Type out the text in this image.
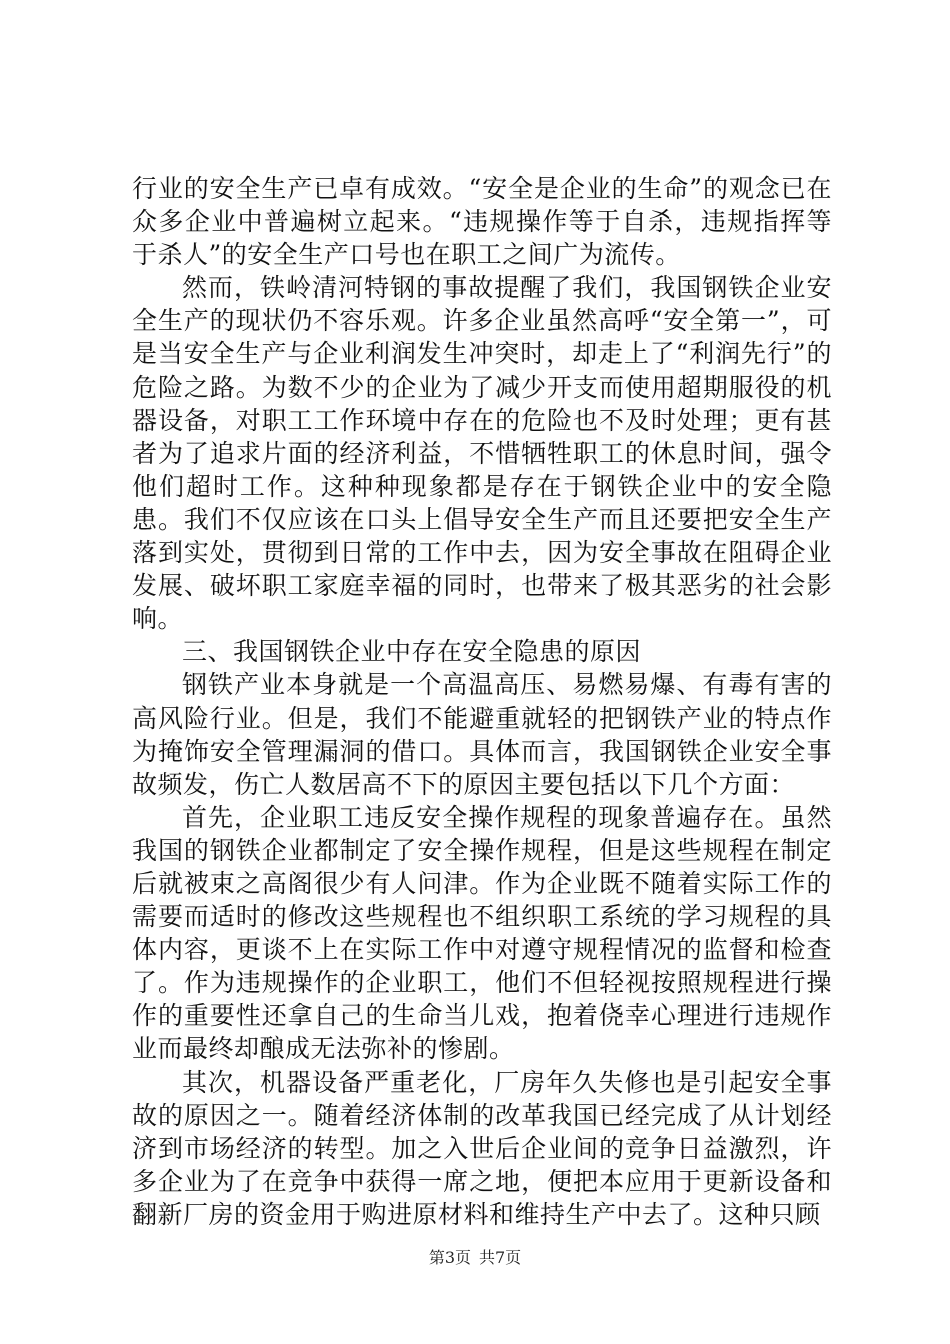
行业的安全生产已卓有成效。“安全是企业的生命”的观念已在众多企业中普遍树立起来。“违规操作等于自杀，违规指挥等于杀人”的安全生产口号也在职工之间广为流传。

然而，铁岭清河特钢的事故提醒了我们，我国钢铁企业安全生产的现状仍不容乐观。许多企业虽然高呼“安全第一”，可是当安全生产与企业利润发生冲突时，却走上了“利润先行”的危险之路。为数不少的企业为了减少开支而使用超期服役的机器设备，对职工工作环境中存在的危险也不及时处理；更有甚者为了追求片面的经济利益，不惜牺牲职工的休息时间，强令他们超时工作。这种种现象都是存在于钢铁企业中的安全隐患。我们不仅应该在口头上倡导安全生产而且还要把安全生产落到实处，贯彻到日常的工作中去，因为安全事故在阻碍企业发展、破坏职工家庭幸福的同时，也带来了极其恶劣的社会影响。

三、我国钢铁企业中存在安全隐患的原因

钢铁产业本身就是一个高温高压、易燃易爆、有毒有害的高风险行业。但是，我们不能避重就轻的把钢铁产业的特点作为掩饰安全管理漏洞的借口。具体而言，我国钢铁企业安全事故频发，伤亡人数居高不下的原因主要包括以下几个方面：

首先，企业职工违反安全操作规程的现象普遍存在。虽然我国的钢铁企业都制定了安全操作规程，但是这些规程在制定后就被束之高阁很少有人问津。作为企业既不随着实际工作的需要而适时的修改这些规程也不组织职工系统的学习规程的具体内容，更谈不上在实际工作中对遵守规程情况的监督和检查了。作为违规操作的企业职工，他们不但轻视按照规程进行操作的重要性还拿自己的生命当儿戏，抱着侥幸心理进行违规作业而最终却酿成无法弥补的惨剧。

其次，机器设备严重老化，厂房年久失修也是引起安全事故的原因之一。随着经济体制的改革我国已经完成了从计划经济到市场经济的转型。加之入世后企业间的竞争日益激烈，许多企业为了在竞争中获得一席之地，便把本应用于更新设备和翻新厂房的资金用于购进原材料和维持生产中去了。这种只顾

第3页 共7页
